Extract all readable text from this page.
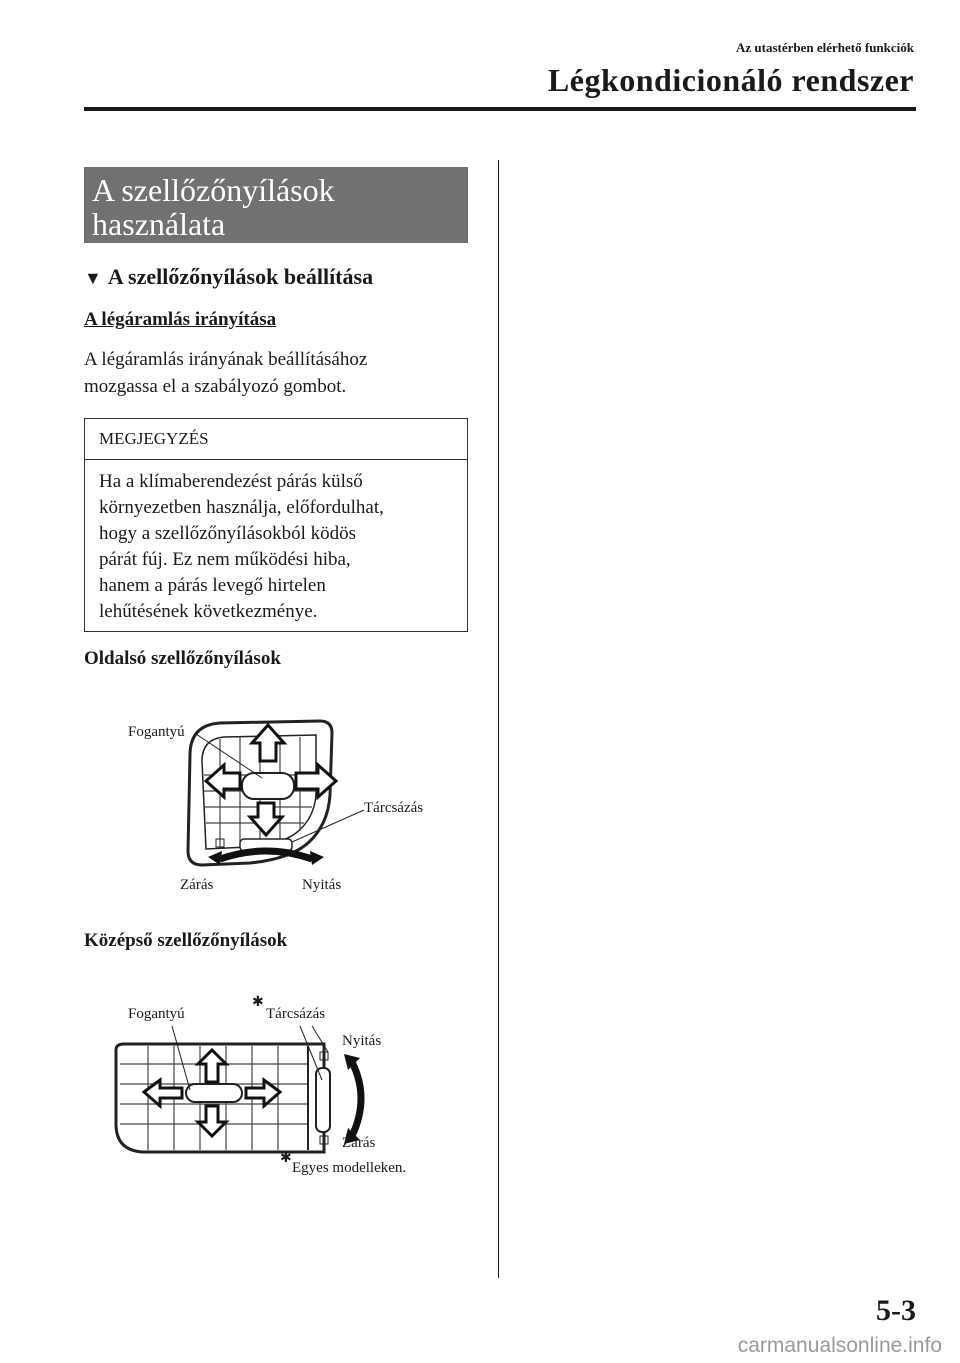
Az utastérben elérhető funkciók
Légkondicionáló rendszer
A szellőzőnyílások
használata
▼ A szellőzőnyílások beállítása
A légáramlás irányítása
A légáramlás irányának beállításához
mozgassa el a szabályozó gombot.
MEGJEGYZÉS
Ha a klímaberendezést párás külső
környezetben használja, előfordulhat,
hogy a szellőzőnyílásokból ködös
párát fúj. Ez nem működési hiba,
hanem a párás levegő hirtelen
lehűtésének következménye.
Oldalsó szellőzőnyílások
Fogantyú
Tárcsázás
Zárás	Nyitás
Középső szellőzőnyílások
Fogantyú
✱
Tárcsázás
Nyitás
Zárás
✱
Egyes modelleken.
5-3
carmanualsonline.info
